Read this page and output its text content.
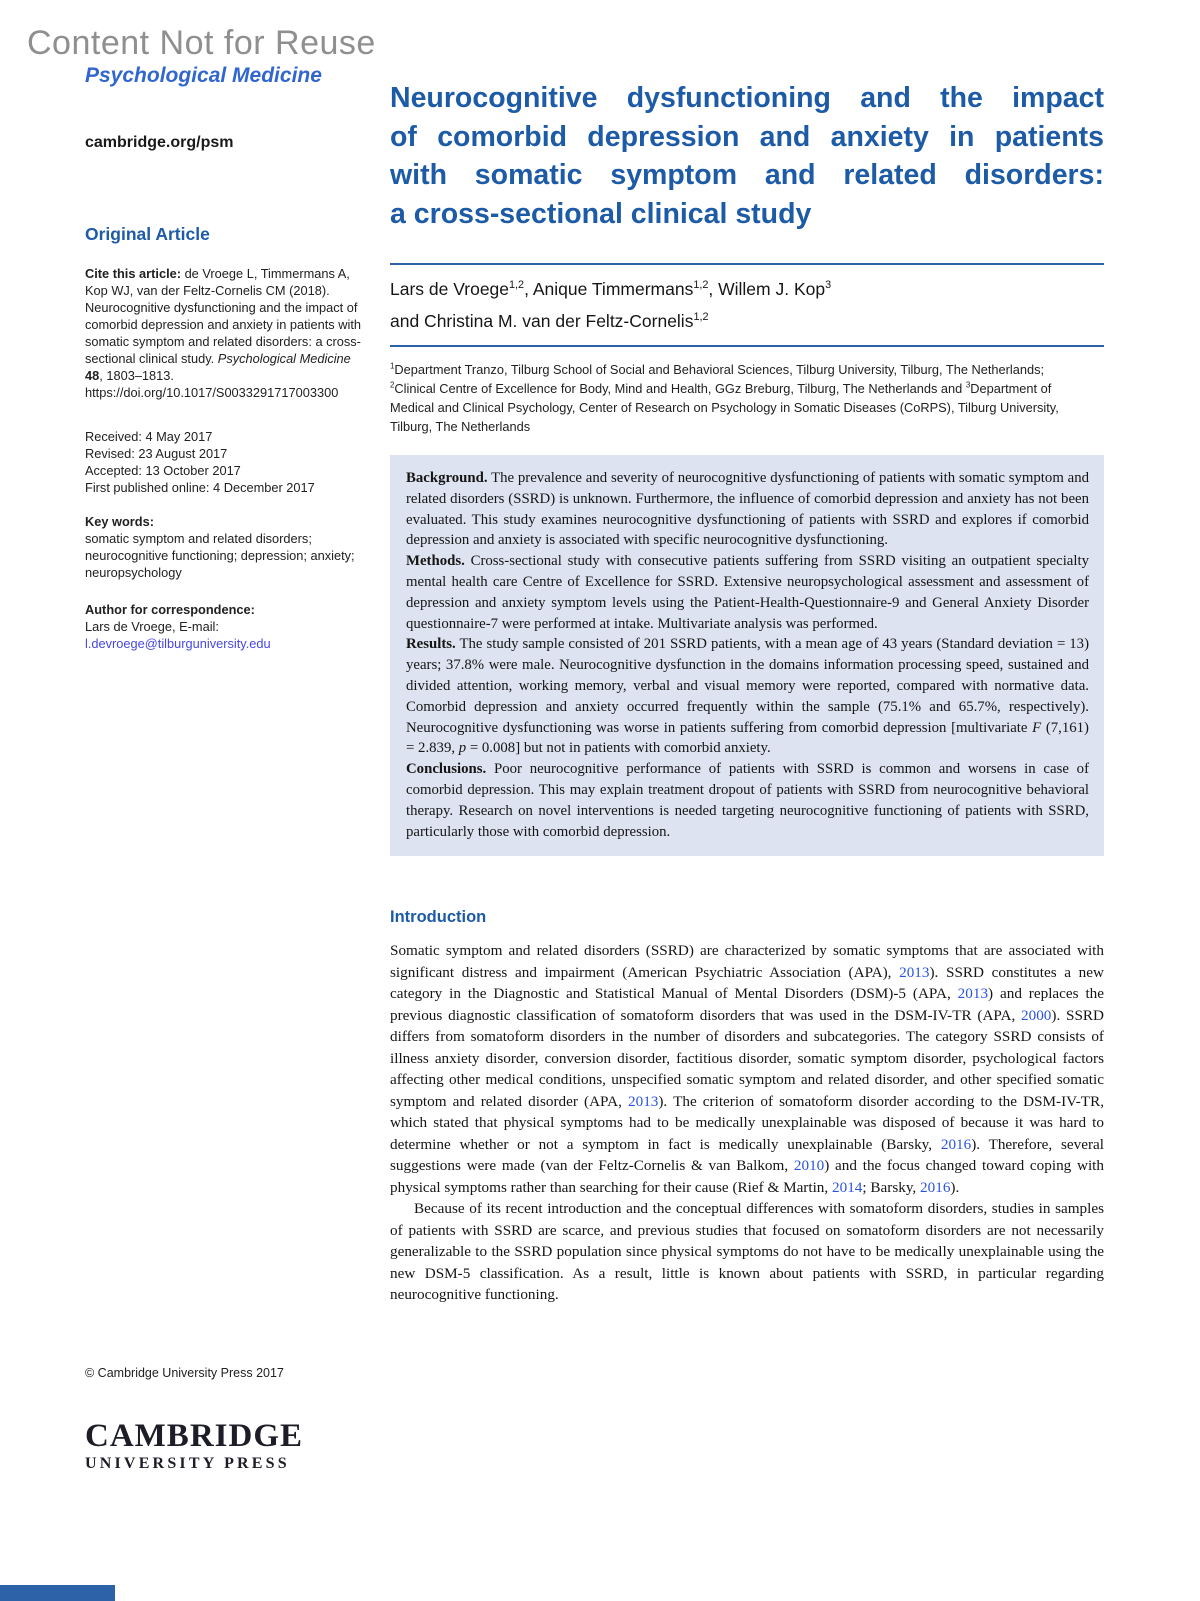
Content Not for Reuse
Psychological Medicine
cambridge.org/psm
Original Article

Cite this article: de Vroege L, Timmermans A, Kop WJ, van der Feltz-Cornelis CM (2018). Neurocognitive dysfunctioning and the impact of comorbid depression and anxiety in patients with somatic symptom and related disorders: a cross-sectional clinical study. Psychological Medicine 48, 1803–1813. https://doi.org/10.1017/S0033291717003300

Received: 4 May 2017
Revised: 23 August 2017
Accepted: 13 October 2017
First published online: 4 December 2017
Key words:
somatic symptom and related disorders; neurocognitive functioning; depression; anxiety; neuropsychology
Author for correspondence:
Lars de Vroege, E-mail: l.devroege@tilburguniversity.edu
© Cambridge University Press 2017
CAMBRIDGE
UNIVERSITY PRESS
Neurocognitive dysfunctioning and the impact
of comorbid depression and anxiety in patients
with somatic symptom and related disorders:
a cross-sectional clinical study
Lars de Vroege$^{1,2}$, Anique Timmermans$^{1,2}$, Willem J. Kop$^3$
and Christina M. van der Feltz-Cornelis$^{1,2}$

$^1$Department Tranzo, Tilburg School of Social and Behavioral Sciences, Tilburg University, Tilburg, The Netherlands; $^2$Clinical Centre of Excellence for Body, Mind and Health, GGz Breburg, Tilburg, The Netherlands and $^3$Department of Medical and Clinical Psychology, Center of Research on Psychology in Somatic Diseases (CoRPS), Tilburg University, Tilburg, The Netherlands

Background. The prevalence and severity of neurocognitive dysfunctioning of patients with somatic symptom and related disorders (SSRD) is unknown. Furthermore, the influence of comorbid depression and anxiety has not been evaluated. This study examines neurocognitive dysfunctioning of patients with SSRD and explores if comorbid depression and anxiety is associated with specific neurocognitive dysfunctioning.

Methods. Cross-sectional study with consecutive patients suffering from SSRD visiting an outpatient specialty mental health care Centre of Excellence for SSRD. Extensive neuropsychological assessment and assessment of depression and anxiety symptom levels using the Patient-Health-Questionnaire-9 and General Anxiety Disorder questionnaire-7 were performed at intake. Multivariate analysis was performed.

Results. The study sample consisted of 201 SSRD patients, with a mean age of 43 years (Standard deviation = 13) years; 37.8% were male. Neurocognitive dysfunction in the domains information processing speed, sustained and divided attention, working memory, verbal and visual memory were reported, compared with normative data. Comorbid depression and anxiety occurred frequently within the sample (75.1% and 65.7%, respectively). Neurocognitive dysfunctioning was worse in patients suffering from comorbid depression [multivariate F (7,161) = 2.839, p = 0.008] but not in patients with comorbid anxiety.

Conclusions. Poor neurocognitive performance of patients with SSRD is common and worsens in case of comorbid depression. This may explain treatment dropout of patients with SSRD from neurocognitive behavioral therapy. Research on novel interventions is needed targeting neurocognitive functioning of patients with SSRD, particularly those with comorbid depression.

Introduction

Somatic symptom and related disorders (SSRD) are characterized by somatic symptoms that are associated with significant distress and impairment (American Psychiatric Association (APA), 2013). SSRD constitutes a new category in the Diagnostic and Statistical Manual of Mental Disorders (DSM)-5 (APA, 2013) and replaces the previous diagnostic classification of somatoform disorders that was used in the DSM-IV-TR (APA, 2000). SSRD differs from somatoform disorders in the number of disorders and subcategories. The category SSRD consists of illness anxiety disorder, conversion disorder, factitious disorder, somatic symptom disorder, psychological factors affecting other medical conditions, unspecified somatic symptom and related disorder, and other specified somatic symptom and related disorder (APA, 2013). The criterion of somatoform disorder according to the DSM-IV-TR, which stated that physical symptoms had to be medically unexplainable was disposed of because it was hard to determine whether or not a symptom in fact is medically unexplainable (Barsky, 2016). Therefore, several suggestions were made (van der Feltz-Cornelis & van Balkom, 2010) and the focus changed toward coping with physical symptoms rather than searching for their cause (Rief & Martin, 2014; Barsky, 2016).

Because of its recent introduction and the conceptual differences with somatoform disorders, studies in samples of patients with SSRD are scarce, and previous studies that focused on somatoform disorders are not necessarily generalizable to the SSRD population since physical symptoms do not have to be medically unexplainable using the new DSM-5 classification. As a result, little is known about patients with SSRD, in particular regarding neurocognitive functioning.
